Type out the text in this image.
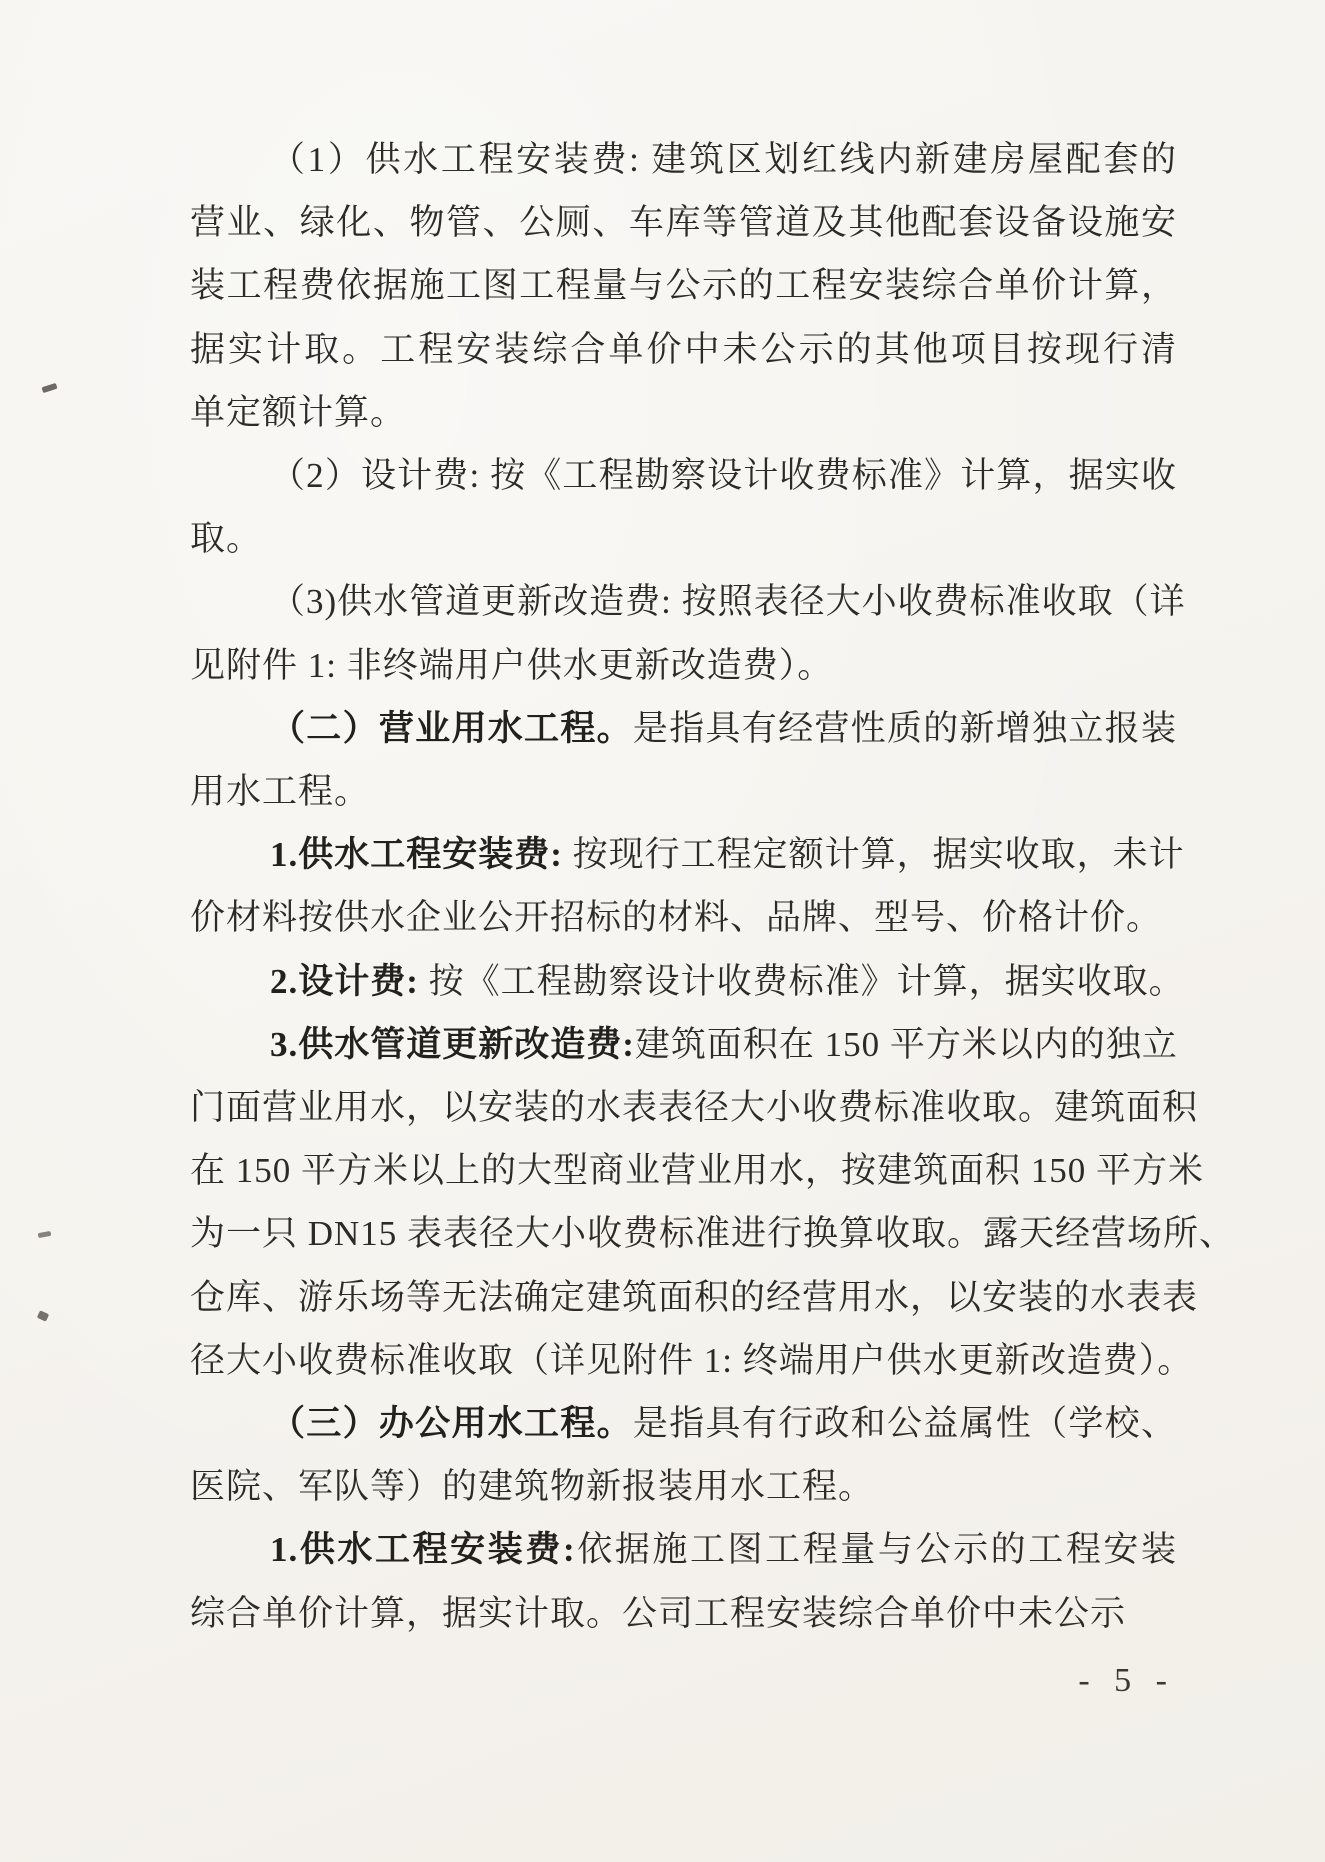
（1）供水工程安装费: 建筑区划红线内新建房屋配套的
营业、绿化、物管、公厕、车库等管道及其他配套设备设施安
装工程费依据施工图工程量与公示的工程安装综合单价计算，
据实计取。工程安装综合单价中未公示的其他项目按现行清
单定额计算。
（2）设计费: 按《工程勘察设计收费标准》计算，据实收
取。
（3)供水管道更新改造费: 按照表径大小收费标准收取（详
见附件 1: 非终端用户供水更新改造费）。
（二）营业用水工程。是指具有经营性质的新增独立报装
用水工程。
1.供水工程安装费: 按现行工程定额计算，据实收取，未计
价材料按供水企业公开招标的材料、品牌、型号、价格计价。
2.设计费: 按《工程勘察设计收费标准》计算，据实收取。
3.供水管道更新改造费:建筑面积在 150 平方米以内的独立
门面营业用水，以安装的水表表径大小收费标准收取。建筑面积
在 150 平方米以上的大型商业营业用水，按建筑面积 150 平方米
为一只 DN15 表表径大小收费标准进行换算收取。露天经营场所、
仓库、游乐场等无法确定建筑面积的经营用水，以安装的水表表
径大小收费标准收取（详见附件 1: 终端用户供水更新改造费）。
（三）办公用水工程。是指具有行政和公益属性（学校、
医院、军队等）的建筑物新报装用水工程。
1.供水工程安装费:依据施工图工程量与公示的工程安装
综合单价计算，据实计取。公司工程安装综合单价中未公示
- 5 -
